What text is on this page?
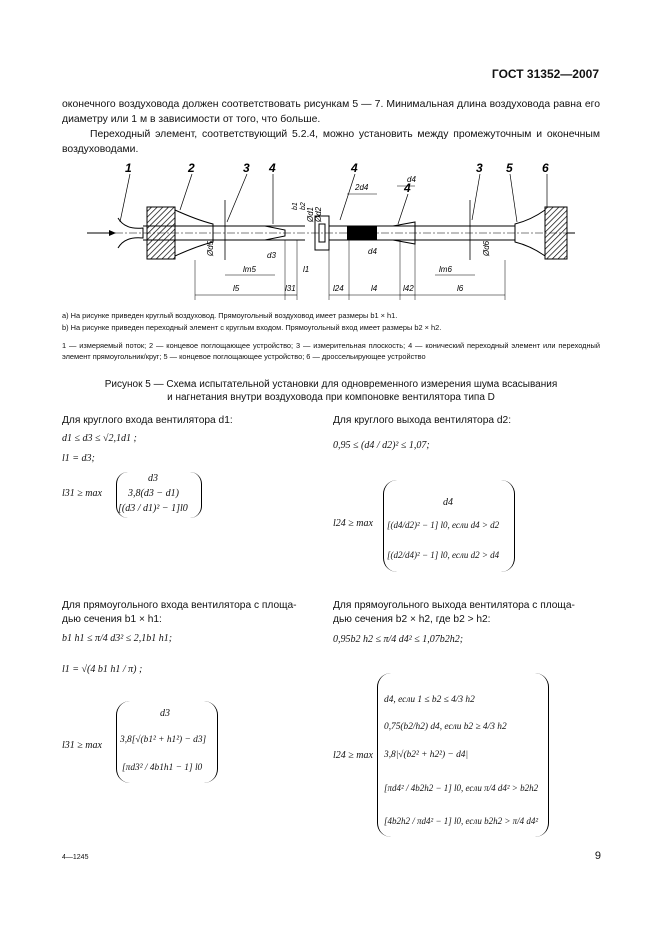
ГОСТ 31352—2007

оконечного воздуховода должен соответствовать рисункам 5 — 7. Минимальная длина воздуховода равна его диаметру или 1 м в зависимости от того, что больше.

Переходный элемент, соответствующий 5.2.4, можно установить между промежуточным и оконечным воздуховодами.

1	2	3 4	4
4
3 5 6
l5
lm5
l31
l1
d3
l24	l4	l42
d4
2d4
d4
lm6
l6
Ød5	Ød6
Ød1 Ød2
b1 b2

а) На рисунке приведен круглый воздуховод. Прямоугольный воздуховод имеет размеры b1 × h1.

b) На рисунке приведен переходный элемент с круглым входом. Прямоугольный вход имеет размеры b2 × h2.

1 — измеряемый поток; 2 — концевое поглощающее устройство; 3 — измерительная плоскость; 4 — конический переходный элемент или переходный элемент прямоугольник/круг; 5 — концевое поглощающее устройство; 6 — дроссельирующее устройство

Рисунок 5 — Схема испытательной установки для одновременного измерения шума всасывания
и нагнетания внутри воздуховода при компоновке вентилятора типа D
Для круглого входа вентилятора d1:
d1 ≤ d3 ≤ √2,1d1 ;
l1 = d3;
l31 ≥ max
d3
3,8(d3 − d1)
[(d3 / d1)² − 1]l0
Для круглого выхода вентилятора d2:
0,95 ≤ (d4 / d2)² ≤ 1,07;
l24 ≥ max
d4
[(d4/d2)² − 1] l0, если d4 > d2
[(d2/d4)² − 1] l0, если d2 > d4
Для прямоугольного входа вентилятора с площа-
дью сечения b1 × h1:
b1 h1 ≤ π/4 d3² ≤ 2,1b1 h1;
l1 = √(4 b1 h1 / π) ;
l31 ≥ max
d3
3,8[√(b1² + h1²) − d3]
[πd3² / 4b1h1 − 1] l0
Для прямоугольного выхода вентилятора с площа-
дью сечения b2 × h2, где b2 > h2:
0,95b2 h2 ≤ π/4 d4² ≤ 1,07b2h2;
l24 ≥ max
d4, если 1 ≤ b2 ≤ 4/3 h2
0,75(b2/h2) d4, если b2 ≥ 4/3 h2
3,8|√(b2² + h2²) − d4|
[πd4² / 4b2h2 − 1] l0, если π/4 d4² > b2h2
[4b2h2 / πd4² − 1] l0, если b2h2 > π/4 d4²
4—1245	9
